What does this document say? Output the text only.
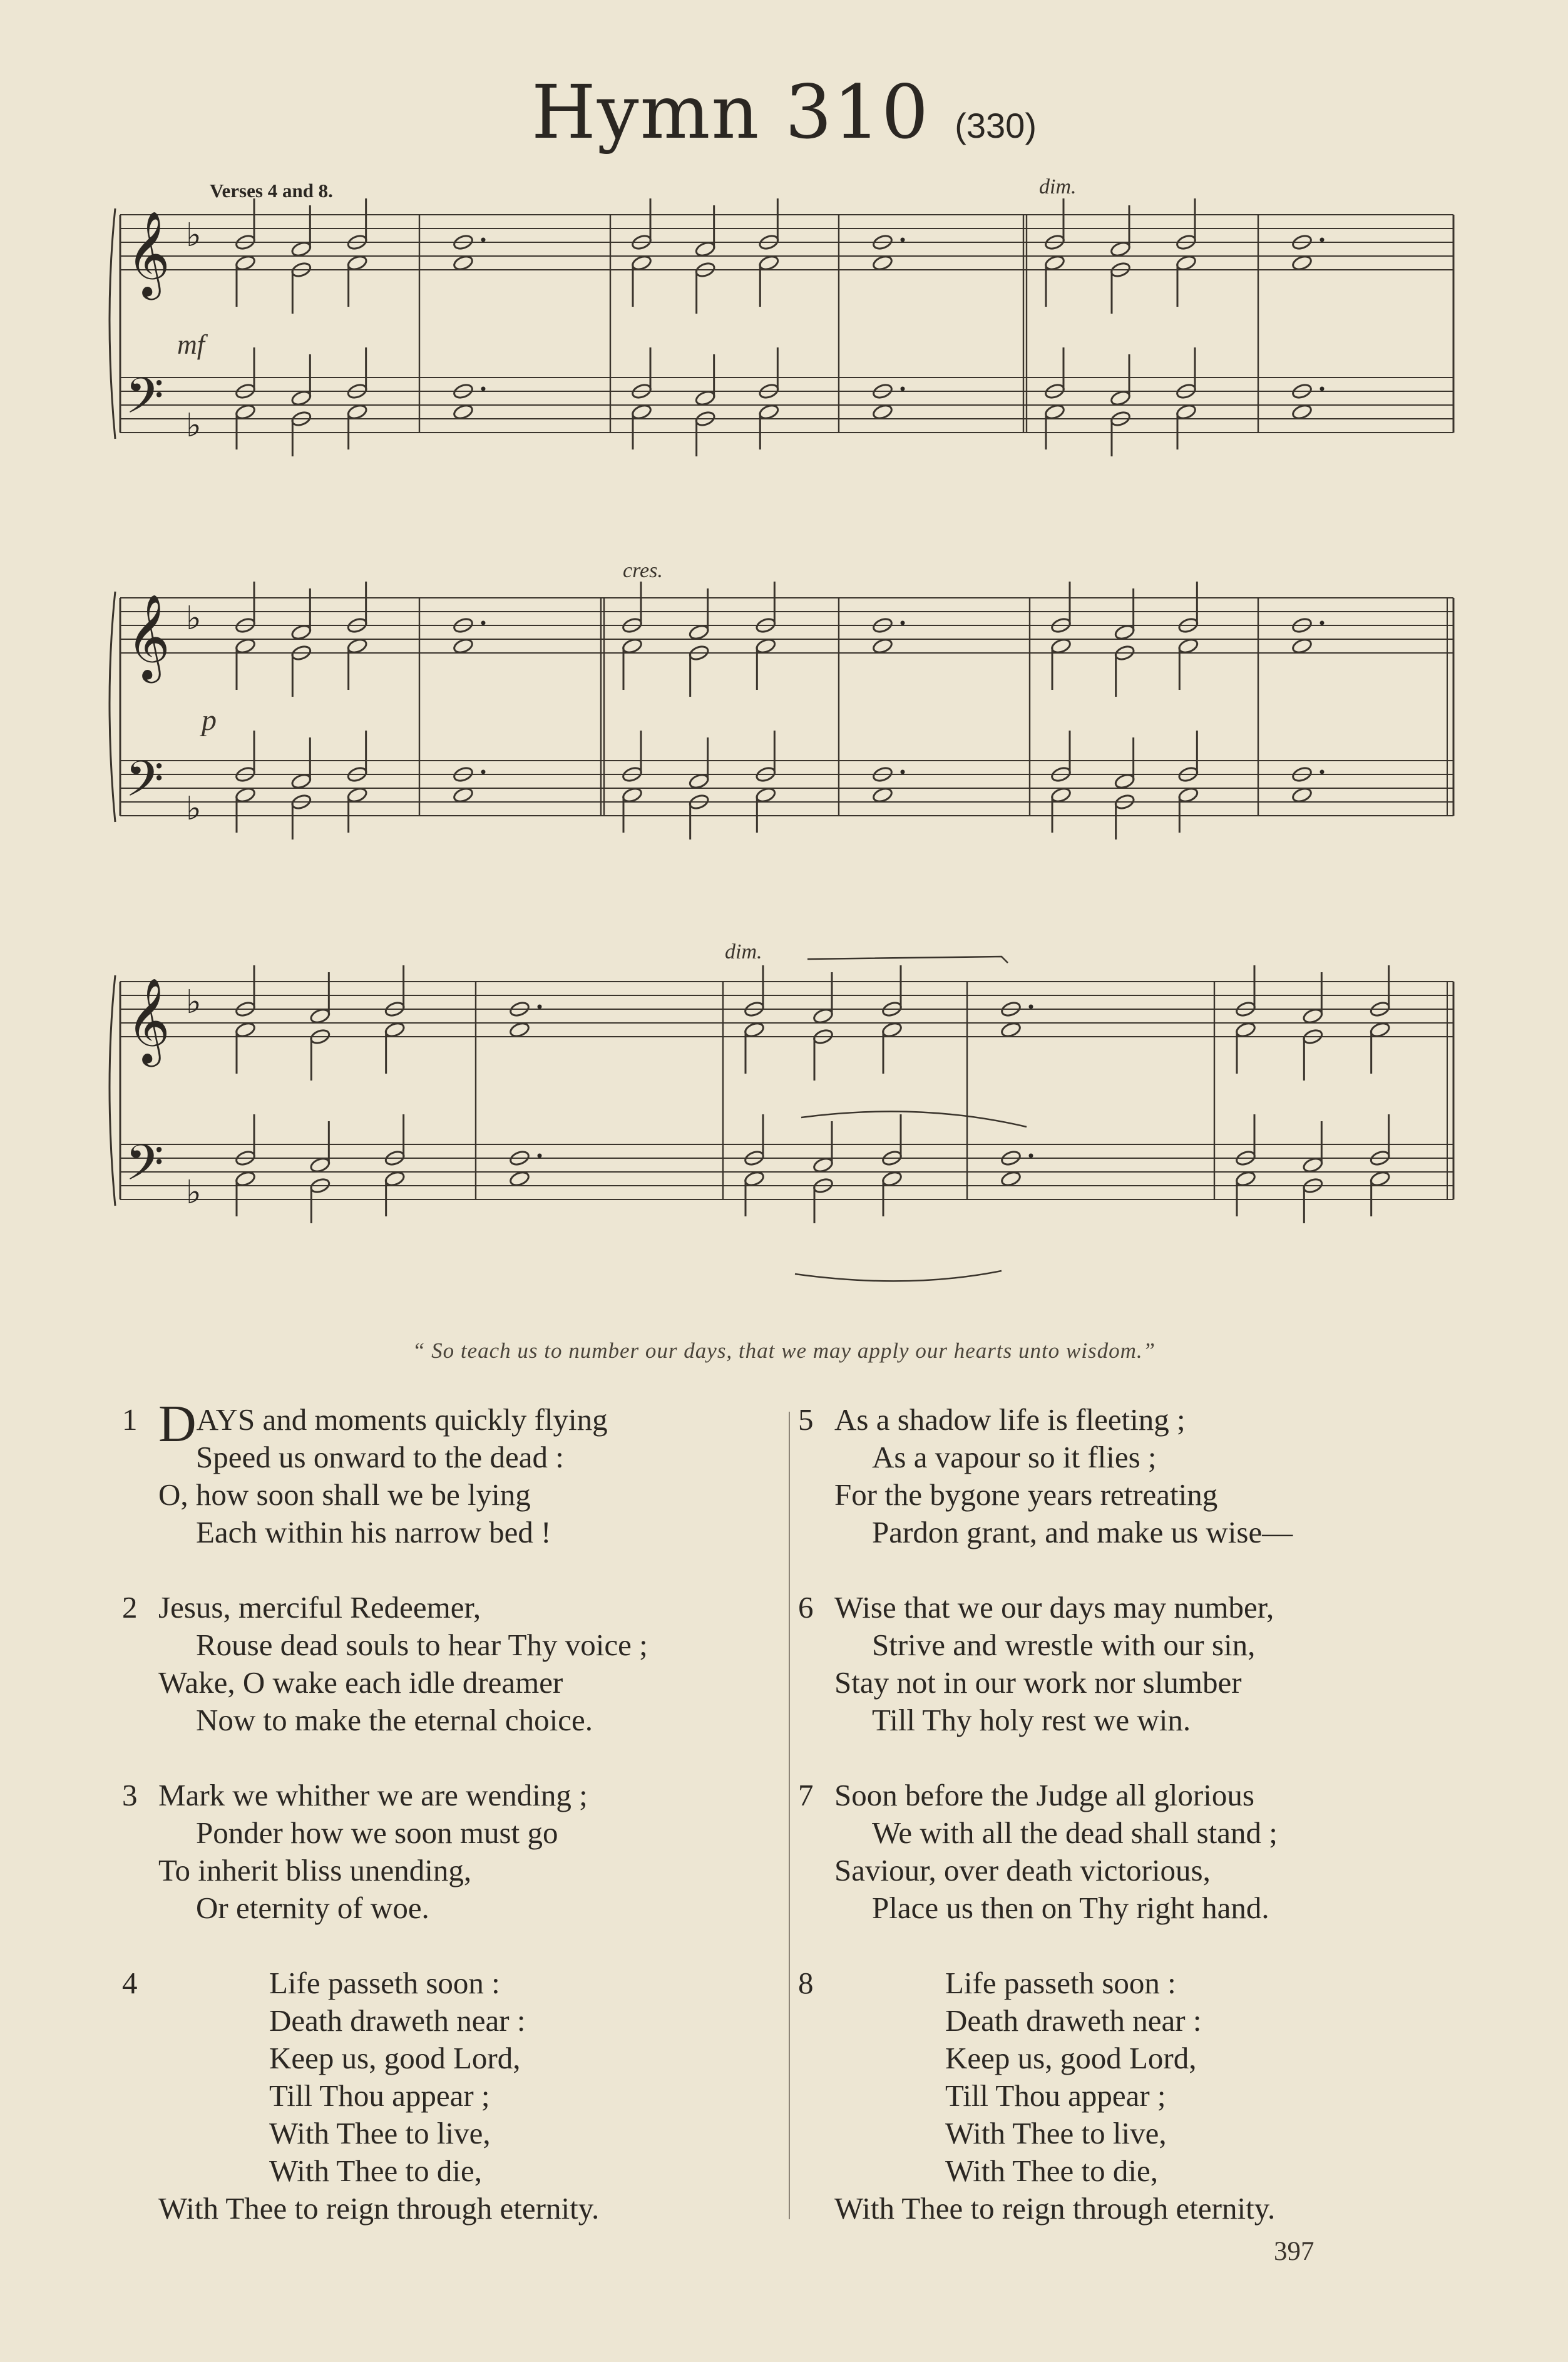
Hymn 310 (330)
𝄞
𝄢
♭
♭
𝄞
𝄢
♭
♭
𝄞
𝄢
♭
♭
Verses 4 and 8.	dim.
mf
cres.
p
dim.
“ So teach us to number our days, that we may apply our hearts unto wisdom.”
1 DAYS and moments quickly flying
Speed us onward to the dead :
O, how soon shall we be lying
Each within his narrow bed !
2 Jesus, merciful Redeemer,
Rouse dead souls to hear Thy voice ;
Wake, O wake each idle dreamer
Now to make the eternal choice.
3 Mark we whither we are wending ;
Ponder how we soon must go
To inherit bliss unending,
Or eternity of woe.
4	Life passeth soon :
Death draweth near :
Keep us, good Lord,
Till Thou appear ;
With Thee to live,
With Thee to die,
With Thee to reign through eternity.
5 As a shadow life is fleeting ;
As a vapour so it flies ;
For the bygone years retreating
Pardon grant, and make us wise—
6 Wise that we our days may number,
Strive and wrestle with our sin,
Stay not in our work nor slumber
Till Thy holy rest we win.
7 Soon before the Judge all glorious
We with all the dead shall stand ;
Saviour, over death victorious,
Place us then on Thy right hand.
8	Life passeth soon :
Death draweth near :
Keep us, good Lord,
Till Thou appear ;
With Thee to live,
With Thee to die,
With Thee to reign through eternity.
397
